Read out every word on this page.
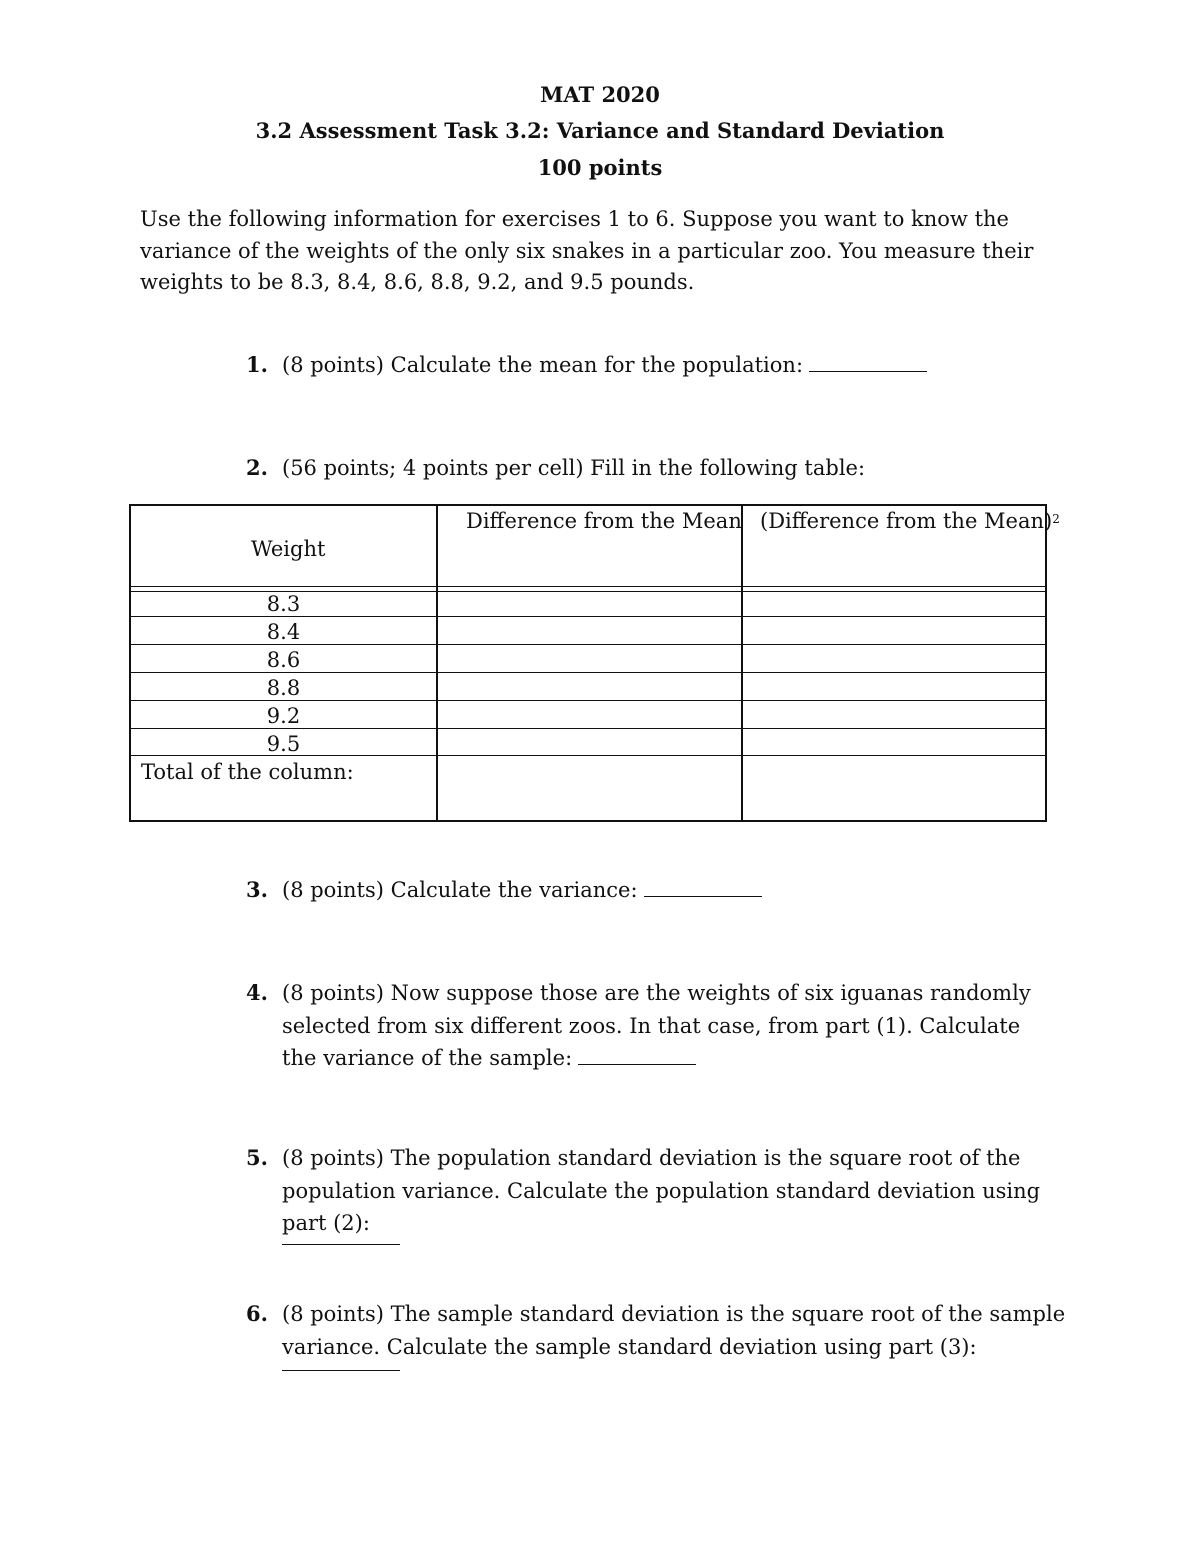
MAT 2020
3.2 Assessment Task 3.2: Variance and Standard Deviation
100 points
Use the following information for exercises 1 to 6. Suppose you want to know the variance of the weights of the only six snakes in a particular zoo. You measure their weights to be 8.3, 8.4, 8.6, 8.8, 9.2, and 9.5 pounds.
1. (8 points) Calculate the mean for the population:
2. (56 points; 4 points per cell) Fill in the following table:
Weight
Difference from the Mean (Difference from the Mean)$^2$
8.3
8.4
8.6
8.8
9.2
9.5
Total of the column:
3. (8 points) Calculate the variance:
4. (8 points) Now suppose those are the weights of six iguanas randomly selected from six different zoos. In that case, from part (1). Calculate the variance of the sample:
5. (8 points) The population standard deviation is the square root of the population variance. Calculate the population standard deviation using part (2):
6. (8 points) The sample standard deviation is the square root of the sample variance. Calculate the sample standard deviation using part (3):
